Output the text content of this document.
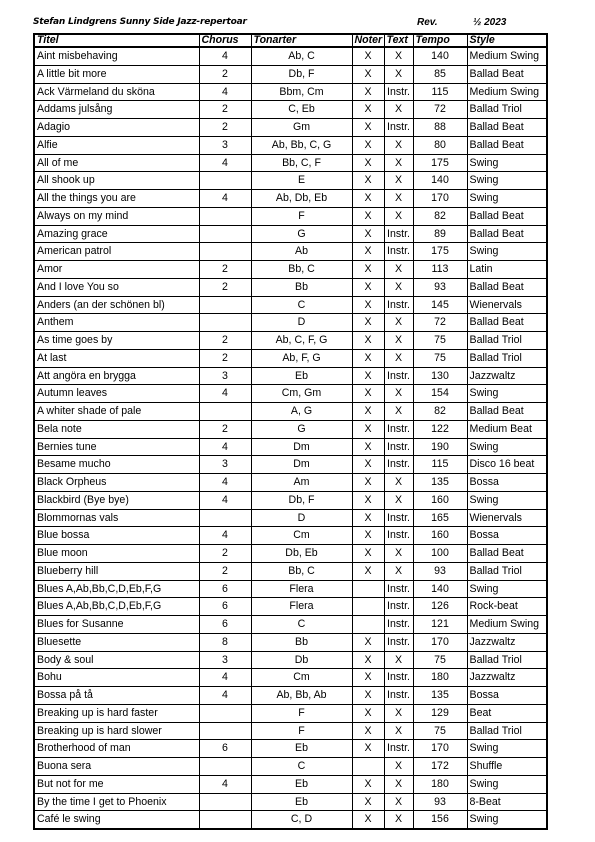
Stefan Lindgrens Sunny Side Jazz-repertoar	Rev.	½ 2023
Titel	Chorus	Tonarter	Noter	Text	Tempo	Style
Aint misbehaving	4	Ab, C	X	X	140	Medium Swing
A little bit more	2	Db, F	X	X	85	Ballad Beat
Ack Värmeland du sköna	4	Bbm, Cm	X	Instr.	115	Medium Swing
Addams julsång	2	C, Eb	X	X	72	Ballad Triol
Adagio	2	Gm	X	Instr.	88	Ballad Beat
Alfie	3	Ab, Bb, C, G	X	X	80	Ballad Beat
All of me	4	Bb, C, F	X	X	175	Swing
All shook up		E	X	X	140	Swing
All the things you are	4	Ab, Db, Eb	X	X	170	Swing
Always on my mind		F	X	X	82	Ballad Beat
Amazing grace		G	X	Instr.	89	Ballad Beat
American patrol		Ab	X	Instr.	175	Swing
Amor	2	Bb, C	X	X	113	Latin
And I love You so	2	Bb	X	X	93	Ballad Beat
Anders (an der schönen bl)		C	X	Instr.	145	Wienervals
Anthem		D	X	X	72	Ballad Beat
As time goes by	2	Ab, C, F, G	X	X	75	Ballad Triol
At last	2	Ab, F, G	X	X	75	Ballad Triol
Att angöra en brygga	3	Eb	X	Instr.	130	Jazzwaltz
Autumn leaves	4	Cm, Gm	X	X	154	Swing
A whiter shade of pale		A, G	X	X	82	Ballad Beat
Bela note	2	G	X	Instr.	122	Medium Beat
Bernies tune	4	Dm	X	Instr.	190	Swing
Besame mucho	3	Dm	X	Instr.	115	Disco 16 beat
Black Orpheus	4	Am	X	X	135	Bossa
Blackbird (Bye bye)	4	Db, F	X	X	160	Swing
Blommornas vals		D	X	Instr.	165	Wienervals
Blue bossa	4	Cm	X	Instr.	160	Bossa
Blue moon	2	Db, Eb	X	X	100	Ballad Beat
Blueberry hill	2	Bb, C	X	X	93	Ballad Triol
Blues A,Ab,Bb,C,D,Eb,F,G	6	Flera		Instr.	140	Swing
Blues A,Ab,Bb,C,D,Eb,F,G	6	Flera		Instr.	126	Rock-beat
Blues for Susanne	6	C		Instr.	121	Medium Swing
Bluesette	8	Bb	X	Instr.	170	Jazzwaltz
Body & soul	3	Db	X	X	75	Ballad Triol
Bohu	4	Cm	X	Instr.	180	Jazzwaltz
Bossa på tå	4	Ab, Bb, Ab	X	Instr.	135	Bossa
Breaking up is hard faster		F	X	X	129	Beat
Breaking up is hard slower		F	X	X	75	Ballad Triol
Brotherhood of man	6	Eb	X	Instr.	170	Swing
Buona sera		C		X	172	Shuffle
But not for me	4	Eb	X	X	180	Swing
By the time I get to Phoenix		Eb	X	X	93	8-Beat
Café le swing		C, D	X	X	156	Swing
